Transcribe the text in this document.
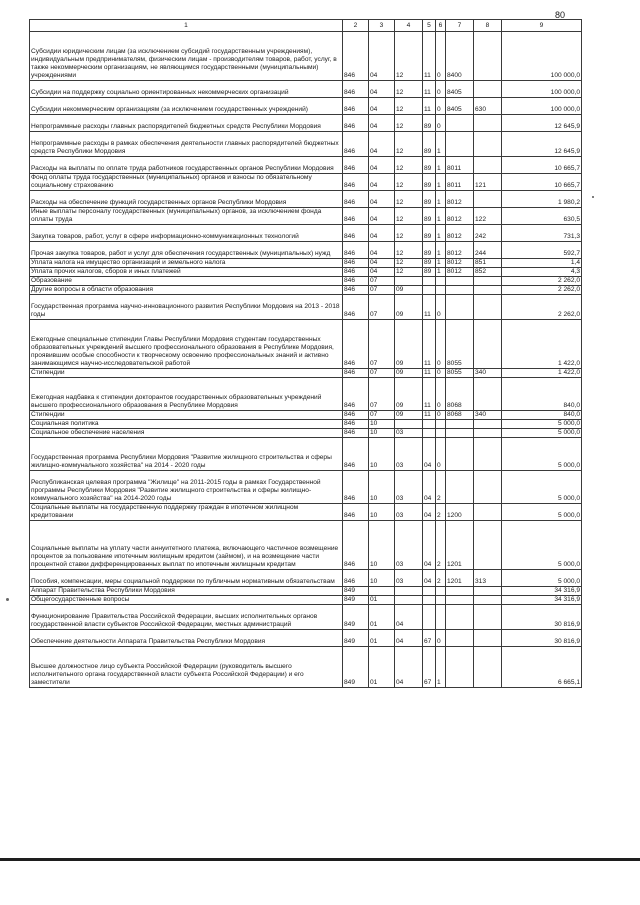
80
1	2	3	4	5	6	7	8	9
Субсидии юридическим лицам (за исключением субсидий государственным учреждениям), индивидуальным предпринимателям, физическим лицам - производителям товаров, работ, услуг, в также некоммерческим организациям, не являющимся государственными (муниципальными) учреждениями	846	04	12	11	0	8400		100 000,0
Субсидии на поддержку социально ориентированных некоммерческих организаций	846	04	12	11	0	8405		100 000,0
Субсидии некоммерческим организациям (за исключением государственных учреждений)	846	04	12	11	0	8405	630	100 000,0
Непрограммные расходы главных распорядителей бюджетных средств Республики Мордовия	846	04	12	89	0			12 645,9
Непрограммные расходы в рамках обеспечения деятельности главных распорядителей бюджетных средств Республики Мордовия	846	04	12	89	1			12 645,9
Расходы на выплаты по оплате труда работников государственных органов Республики Мордовия	846	04	12	89	1	8011		10 665,7
Фонд оплаты труда государственных (муниципальных) органов и взносы по обязательному социальному страхованию	846	04	12	89	1	8011	121	10 665,7
Расходы на обеспечение функций государственных органов Республики Мордовия	846	04	12	89	1	8012		1 980,2
Иные выплаты персоналу государственных (муниципальных) органов, за исключением фонда оплаты труда	846	04	12	89	1	8012	122	630,5
Закупка товаров, работ, услуг в сфере информационно-коммуникационных технологий	846	04	12	89	1	8012	242	731,3
Прочая закупка товаров, работ и услуг для обеспечения государственных (муниципальных) нужд	846	04	12	89	1	8012	244	592,7
Уплата налога на имущество организаций и земельного налога	846	04	12	89	1	8012	851	1,4
Уплата прочих налогов, сборов и иных платежей	846	04	12	89	1	8012	852	4,3
Образование	846	07						2 262,0
Другие вопросы в области образования	846	07	09					2 262,0
Государственная программа научно-инновационного развития Республики Мордовия на 2013 - 2018 годы	846	07	09	11	0			2 262,0
Ежегодные специальные стипендии Главы Республики Мордовия студентам государственных образовательных учреждений высшего профессионального образования в Республике Мордовия, проявившим особые способности к творческому освоению профессиональных знаний и активно занимающимся научно-исследовательской работой	846	07	09	11	0	8055		1 422,0
Стипендии	846	07	09	11	0	8055	340	1 422,0
Ежегодная надбавка к стипендии докторантов государственных образовательных учреждений высшего профессионального образования в Республике Мордовия	846	07	09	11	0	8068		840,0
Стипендии	846	07	09	11	0	8068	340	840,0
Социальная политика	846	10						5 000,0
Социальное обеспечение населения	846	10	03					5 000,0
Государственная программа Республики Мордовия "Развитие жилищного строительства и сферы жилищно-коммунального хозяйства" на 2014 - 2020 годы	846	10	03	04	0			5 000,0
Республиканская целевая программа "Жилище" на 2011-2015 годы в рамках Государственной программы Республики Мордовия "Развитие жилищного строительства и сферы жилищно-коммунального хозяйства" на 2014-2020 годы	846	10	03	04	2			5 000,0
Социальные выплаты на государственную поддержку граждан в ипотечном жилищном кредитовании	846	10	03	04	2	1200		5 000,0
Социальные выплаты на уплату части аннуитетного платежа, включающего частичное возмещение процентов за пользование ипотечным жилищным кредитом (займом), и на возмещение части процентной ставки дифференцированных выплат по ипотечным жилищным кредитам	846	10	03	04	2	1201		5 000,0
Пособия, компенсации, меры социальной поддержки по публичным нормативным обязательствам	846	10	03	04	2	1201	313	5 000,0
Аппарат Правительства Республики Мордовия	849							34 316,9
Общегосударственные вопросы	849	01						34 316,9
Функционирование Правительства Российской Федерации, высших исполнительных органов государственной власти субъектов Российской Федерации, местных администраций	849	01	04					30 816,9
Обеспечение деятельности Аппарата Правительства Республики Мордовия	849	01	04	67	0			30 816,9
Высшее должностное лицо субъекта Российской Федерации (руководитель высшего исполнительного органа государственной власти субъекта Российской Федерации) и его заместители	849	01	04	67	1			6 665,1
